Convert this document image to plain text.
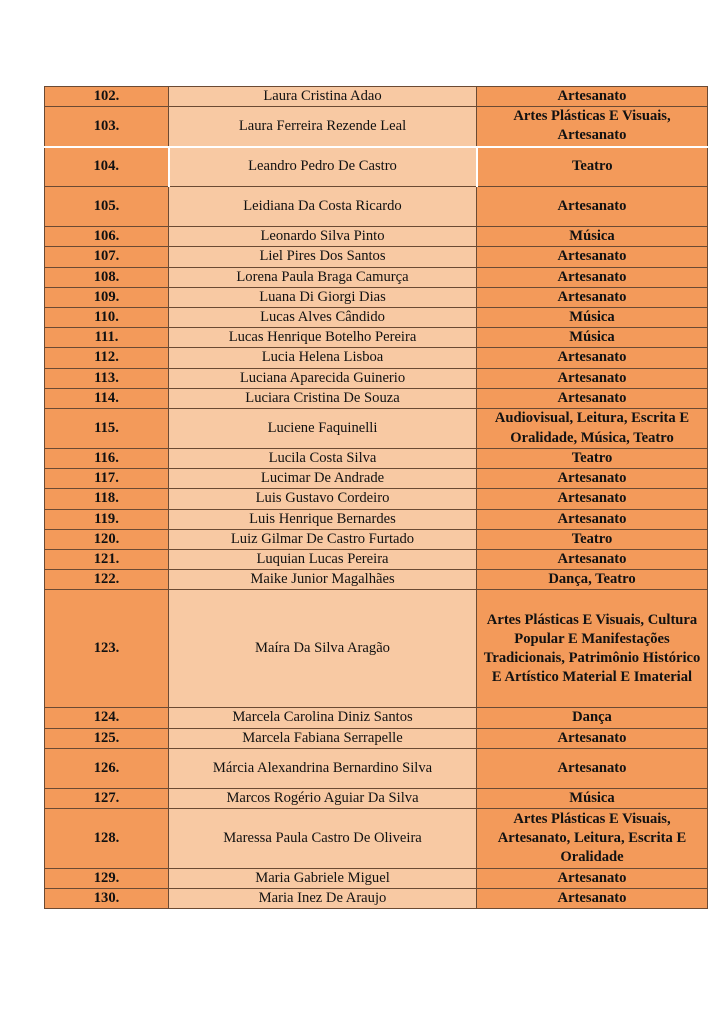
102.	Laura Cristina Adao	Artesanato
103.	Laura Ferreira Rezende Leal	Artes Plásticas E Visuais, Artesanato
104.	Leandro Pedro De Castro	Teatro
105.	Leidiana Da Costa Ricardo	Artesanato
106.	Leonardo Silva Pinto	Música
107.	Liel Pires Dos Santos	Artesanato
108.	Lorena Paula Braga Camurça	Artesanato
109.	Luana Di Giorgi Dias	Artesanato
110.	Lucas Alves Cândido	Música
111.	Lucas Henrique Botelho Pereira	Música
112.	Lucia Helena Lisboa	Artesanato
113.	Luciana Aparecida Guinerio	Artesanato
114.	Luciara Cristina De Souza	Artesanato
115.	Luciene Faquinelli	Audiovisual, Leitura, Escrita E Oralidade, Música, Teatro
116.	Lucila Costa Silva	Teatro
117.	Lucimar De Andrade	Artesanato
118.	Luis Gustavo Cordeiro	Artesanato
119.	Luis Henrique Bernardes	Artesanato
120.	Luiz Gilmar De Castro Furtado	Teatro
121.	Luquian Lucas Pereira	Artesanato
122.	Maike Junior Magalhães	Dança, Teatro
123.	Maíra Da Silva Aragão	Artes Plásticas E Visuais, Cultura Popular E Manifestações Tradicionais, Patrimônio Histórico E Artístico Material E Imaterial
124.	Marcela Carolina Diniz Santos	Dança
125.	Marcela Fabiana Serrapelle	Artesanato
126.	Márcia Alexandrina Bernardino Silva	Artesanato
127.	Marcos Rogério Aguiar Da Silva	Música
128.	Maressa Paula Castro De Oliveira	Artes Plásticas E Visuais, Artesanato, Leitura, Escrita E Oralidade
129.	Maria Gabriele Miguel	Artesanato
130.	Maria Inez De Araujo	Artesanato
